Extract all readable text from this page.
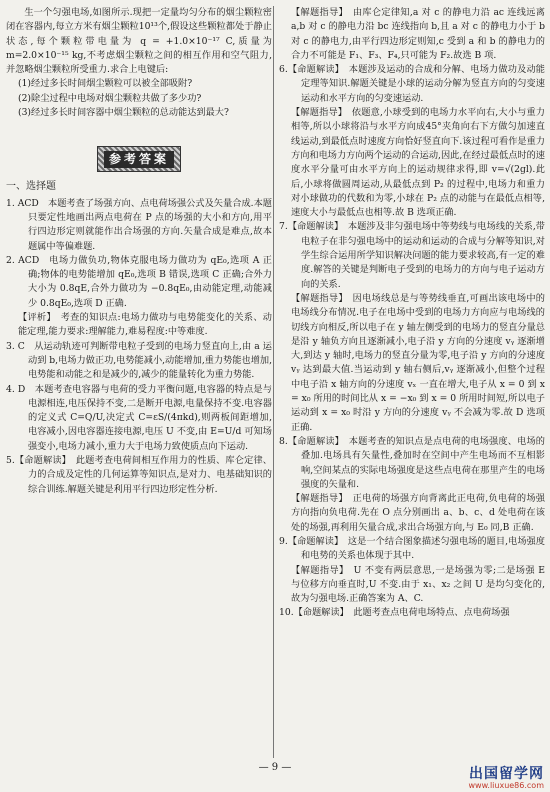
生一个匀强电场,如图所示.现把一定量均匀分布的烟尘颗粒密闭在容器内,每立方米有烟尘颗粒10¹³个,假设这些颗粒都处于静止状态,每个颗粒带电量为 q = +1.0×10⁻¹⁷ C,质量为 m=2.0×10⁻¹⁵ kg,不考虑烟尘颗粒之间的相互作用和空气阻力,并忽略烟尘颗粒所受重力.求合上电键后:

(1)经过多长时间烟尘颗粒可以被全部吸附?

(2)除尘过程中电场对烟尘颗粒共做了多少功?

(3)经过多长时间容器中烟尘颗粒的总动能达到最大?

参考答案
一、选择题

1. ACD　本题考查了场强方向、点电荷场强公式及矢量合成.本题只要定性地画出两点电荷在 P 点的场强的大小和方向,用平行四边形定则就能作出合场强的方向.矢量合成是难点,故本题属中等偏难题.

2. ACD　电场力做负功,物体克服电场力做功为 qE₀,选项 A 正确;物体的电势能增加 qE₀,选项 B 错误,选项 C 正确;合外力大小为 0.8qE,合外力做功为 −0.8qE₀,由动能定理,动能减少 0.8qE₀,选项 D 正确.

【评析】　考查的知识点:电场力做功与电势能变化的关系、动能定理,能力要求:理解能力,难易程度:中等难度.

3. C　从运动轨迹可判断带电粒子受到的电场力竖直向上,由 a 运动到 b,电场力做正功,电势能减小,动能增加,重力势能也增加,电势能和动能之和是减少的,减少的能量转化为重力势能.

4. D　本题考查电容器与电荷的受力平衡问题,电容器的特点是与电源相连,电压保持不变,二是断开电源,电量保持不变.电容器的定义式 C=Q/U,决定式 C=εS/(4πkd),则两板间距增加,电容减小,因电容器连接电源,电压 U 不变,由 E=U/d 可知场强变小,电场力减小,重力大于电场力致使质点向下运动.

5.【命题解读】　此题考查电荷间相互作用力的性质、库仑定律、力的合成及定性的几何运算等知识点,是对力、电基础知识的综合训练.解题关键是利用平行四边形定性分析.

【解题指导】　由库仑定律知,a 对 c 的静电力沿 ac 连线远离 a,b 对 c 的静电力沿 bc 连线指向 b,且 a 对 c 的静电力小于 b 对 c 的静电力,由平行四边形定则知,c 受到 a 和 b 的静电力的合力不可能是 F₁、F₃、F₄,只可能为 F₂.故选 B 项.

6.【命题解读】　本题涉及运动的合成和分解、电场力做功及动能定理等知识.解题关键是小球的运动分解为竖直方向的匀变速运动和水平方向的匀变速运动.

【解题指导】　依题意,小球受到的电场力水平向右,大小与重力相等,所以小球将沿与水平方向成45°夹角向右下方做匀加速直线运动,到最低点时速度方向恰好竖直向下.该过程可看作是重力方向和电场力方向两个运动的合运动,因此,在经过最低点时的速度水平分量可由水平方向上的运动规律求得,即 v=√(2gl).此后,小球将做圆周运动,从最低点到 P₂ 的过程中,电场力和重力对小球做功的代数和为零,小球在 P₂ 点的动能与在最低点相等,速度大小与最低点也相等.故 B 选项正确.

7.【命题解读】　本题涉及非匀强电场中等势线与电场线的关系,带电粒子在非匀强电场中的运动和运动的合成与分解等知识,对学生综合运用所学知识解决问题的能力要求较高,有一定的难度.解答的关键是判断电子受到的电场力的方向与电子运动方向的关系.

【解题指导】　因电场线总是与等势线垂直,可画出该电场中的电场线分布情况.电子在电场中受到的电场力方向应与电场线的切线方向相反,所以电子在 y 轴左侧受到的电场力的竖直分量总是沿 y 轴负方向且逐渐减小,电子沿 y 方向的分速度 vᵧ 逐渐增大,到达 y 轴时,电场力的竖直分量为零,电子沿 y 方向的分速度 vᵧ 达到最大值.当运动到 y 轴右侧后,vᵧ 逐渐减小,但整个过程中电子沿 x 轴方向的分速度 vₓ 一直在增大,电子从 x = 0 到 x = x₀ 所用的时间比从 x = −x₀ 到 x = 0 所用时间短,所以电子运动到 x = x₀ 时沿 y 方向的分速度 vᵧ 不会减为零.故 D 选项正确.

8.【命题解读】　本题考查的知识点是点电荷的电场强度、电场的叠加.电场具有矢量性,叠加时在空间中产生电场而不互相影响,空间某点的实际电场强度是这些点电荷在那里产生的电场强度的矢量和.

【解题指导】　正电荷的场强方向背离此正电荷,负电荷的场强方向指向负电荷.先在 O 点分别画出 a、b、c、d 处电荷在该处的场强,再利用矢量合成,求出合场强方向,与 E₀ 同,B 正确.

9.【命题解读】　这是一个结合图象描述匀强电场的题目,电场强度和电势的关系也体现于其中.

【解题指导】　U 不变有两层意思,一是场强为零;二是场强 E 与位移方向垂直时,U 不变.由于 x₁、x₂ 之间 U 是均匀变化的,故为匀强电场.正确答案为 A、C.

10.【命题解读】　此题考查点电荷电场特点、点电荷场强

— 9 —	出国留学网
www.liuxue86.com
